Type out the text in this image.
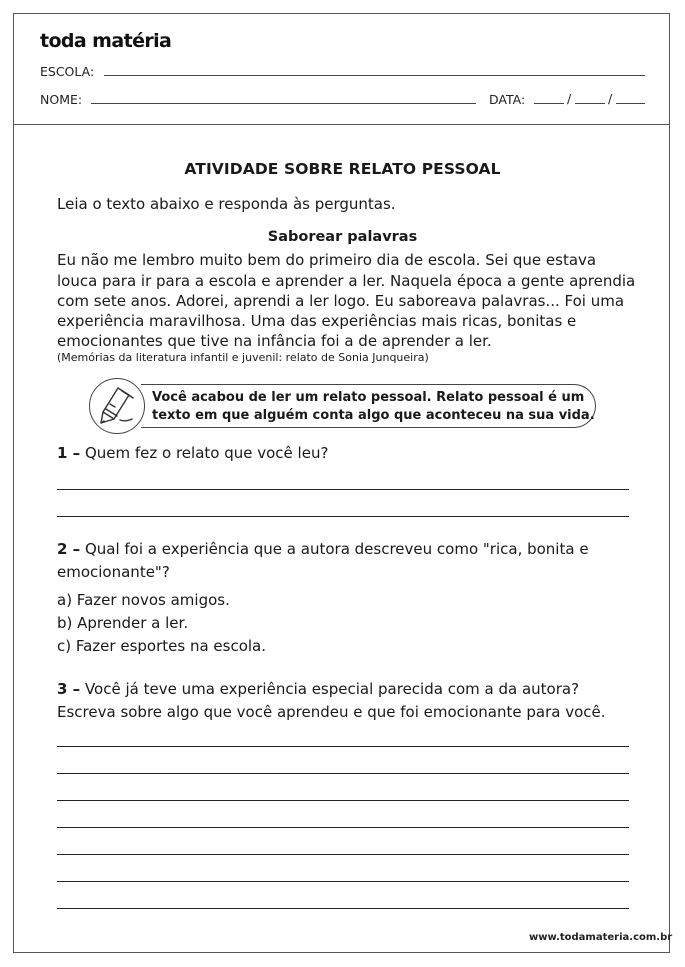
toda matéria
ESCOLA:
NOME:	DATA:	/	/
ATIVIDADE SOBRE RELATO PESSOAL
Leia o texto abaixo e responda às perguntas.
Saborear palavras
Eu não me lembro muito bem do primeiro dia de escola. Sei que estava
louca para ir para a escola e aprender a ler. Naquela época a gente aprendia
com sete anos. Adorei, aprendi a ler logo. Eu saboreava palavras... Foi uma
experiência maravilhosa. Uma das experiências mais ricas, bonitas e
emocionantes que tive na infância foi a de aprender a ler.
(Memórias da literatura infantil e juvenil: relato de Sonia Junqueira)
Você acabou de ler um relato pessoal. Relato pessoal é um
texto em que alguém conta algo que aconteceu na sua vida.
1 – Quem fez o relato que você leu?
2 – Qual foi a experiência que a autora descreveu como "rica, bonita e
emocionante"?
a) Fazer novos amigos.
b) Aprender a ler.
c) Fazer esportes na escola.
3 – Você já teve uma experiência especial parecida com a da autora?
Escreva sobre algo que você aprendeu e que foi emocionante para você.
www.todamateria.com.br
